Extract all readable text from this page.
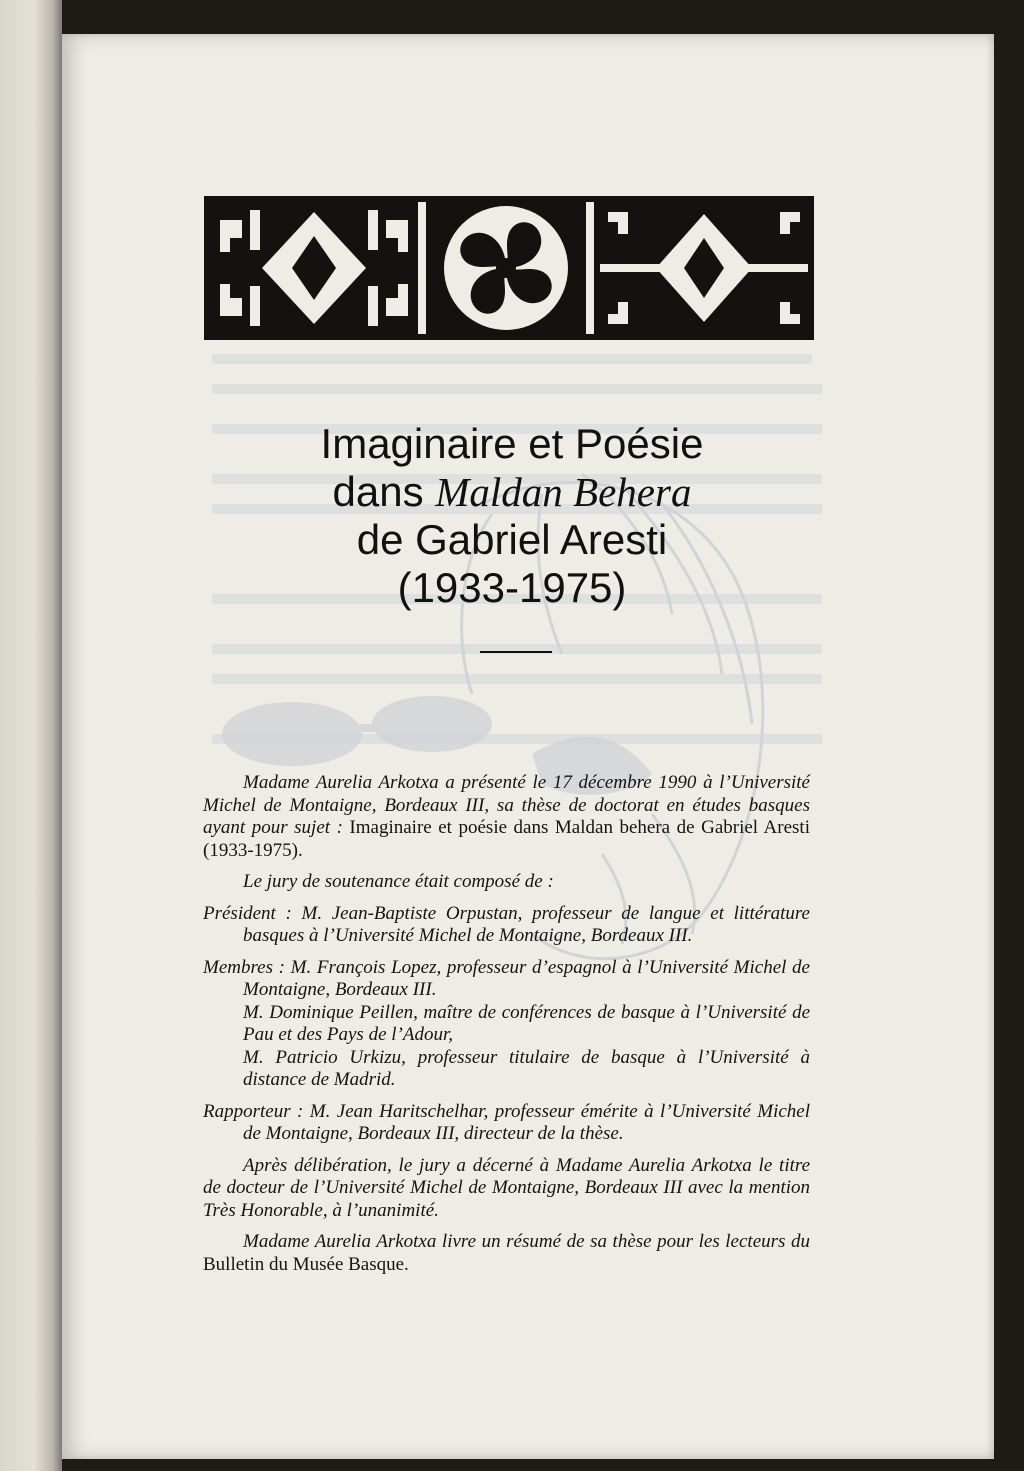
Imaginaire et Poésie
dans Maldan Behera
de Gabriel Aresti
(1933-1975)

Madame Aurelia Arkotxa a présenté le 17 décembre 1990 à l’Université Michel de Montaigne, Bordeaux III, sa thèse de doctorat en études basques ayant pour sujet : Imaginaire et poésie dans Maldan behera de Gabriel Aresti (1933-1975).

Le jury de soutenance était composé de :

Président : M. Jean-Baptiste Orpustan, professeur de langue et littérature basques à l’Université Michel de Montaigne, Bordeaux III.

Membres : M. François Lopez, professeur d’espagnol à l’Université Michel de Montaigne, Bordeaux III.

M. Dominique Peillen, maître de conférences de basque à l’Université de Pau et des Pays de l’Adour,

M. Patricio Urkizu, professeur titulaire de basque à l’Université à distance de Madrid.

Rapporteur : M. Jean Haritschelhar, professeur émérite à l’Université Michel de Montaigne, Bordeaux III, directeur de la thèse.

Après délibération, le jury a décerné à Madame Aurelia Arkotxa le titre de docteur de l’Université Michel de Montaigne, Bordeaux III avec la mention Très Honorable, à l’unanimité.

Madame Aurelia Arkotxa livre un résumé de sa thèse pour les lecteurs du Bulletin du Musée Basque.
